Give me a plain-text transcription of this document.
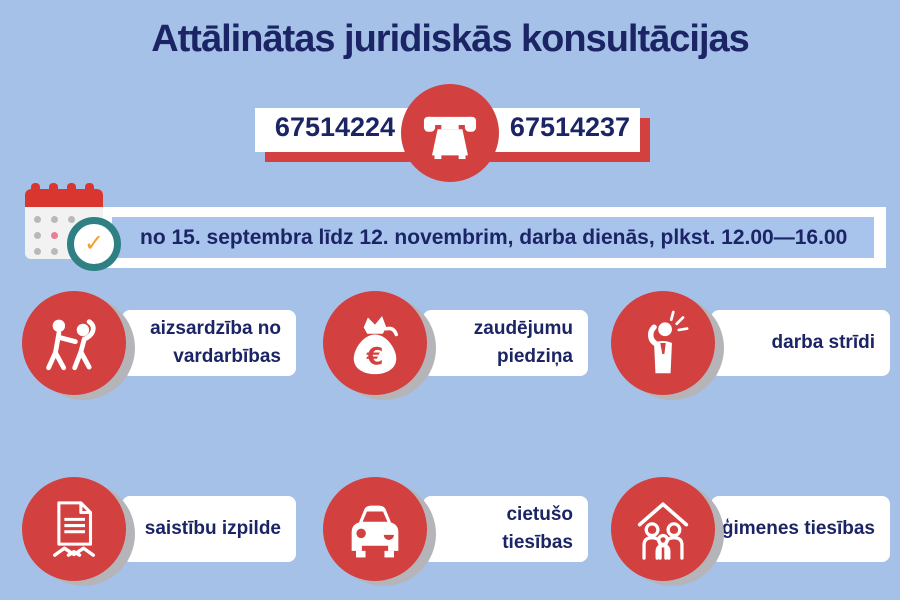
Attālinātas juridiskās konsultācijas
67514224	67514237
✓	no 15. septembra līdz 12. novembrim, darba dienās, plkst. 12.00—16.00
aizsardzība no vardarbības
zaudējumu piedziņa
€	darba strīdi
saistību izpilde
cietušo tiesības
ģimenes tiesības
